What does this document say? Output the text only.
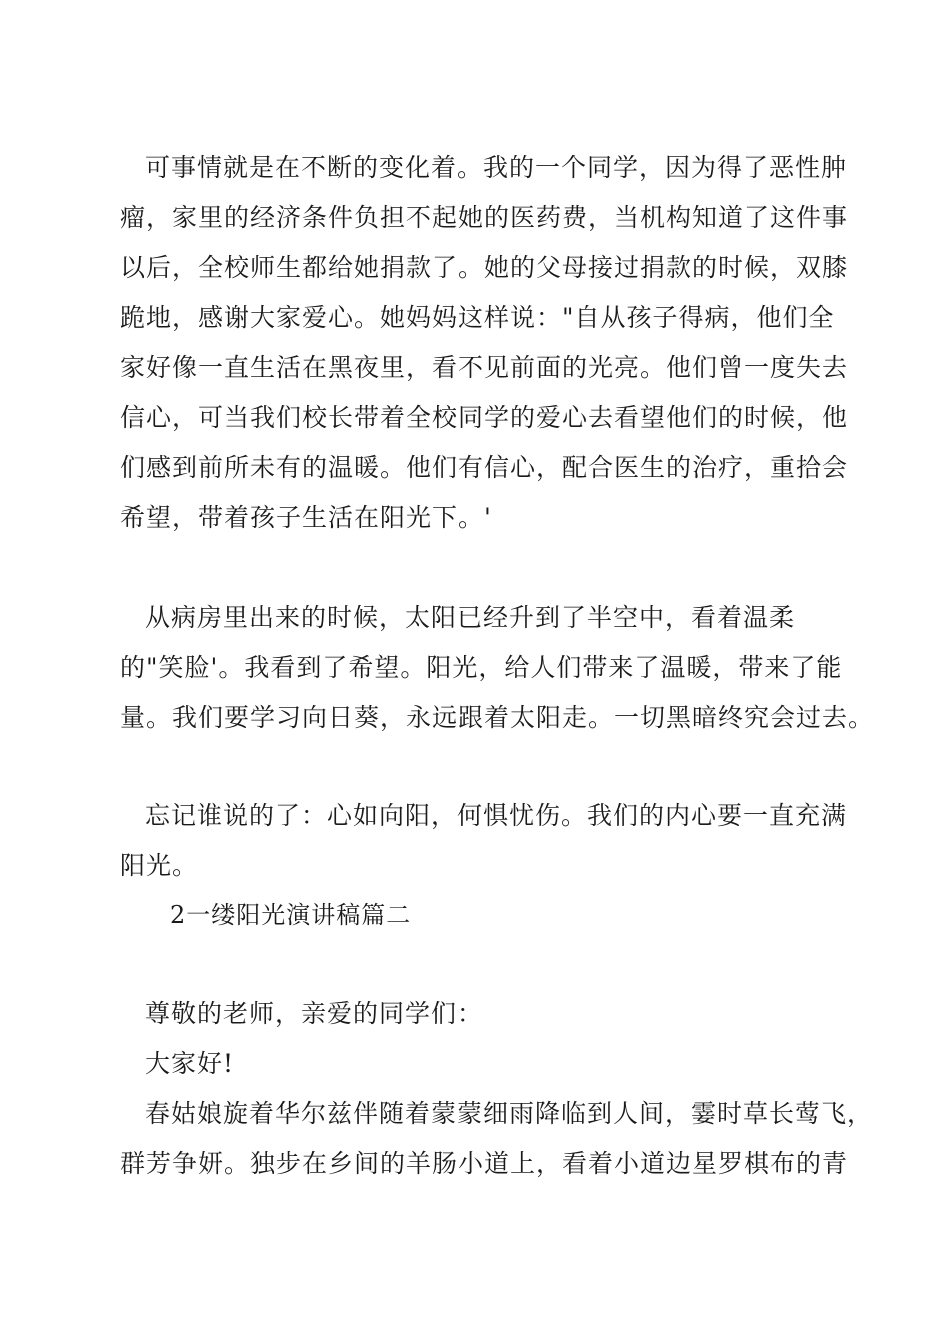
可事情就是在不断的变化着。我的一个同学，因为得了恶性肿
瘤，家里的经济条件负担不起她的医药费，当机构知道了这件事
以后，全校师生都给她捐款了。她的父母接过捐款的时候，双膝
跪地，感谢大家爱心。她妈妈这样说："自从孩子得病，他们全
家好像一直生活在黑夜里，看不见前面的光亮。他们曾一度失去
信心，可当我们校长带着全校同学的爱心去看望他们的时候，他
们感到前所未有的温暖。他们有信心，配合医生的治疗，重拾会
希望，带着孩子生活在阳光下。'
从病房里出来的时候，太阳已经升到了半空中，看着温柔
的"笑脸'。我看到了希望。阳光，给人们带来了温暖，带来了能
量。我们要学习向日葵，永远跟着太阳走。一切黑暗终究会过去。
忘记谁说的了：心如向阳，何惧忧伤。我们的内心要一直充满
阳光。
2一缕阳光演讲稿篇二
尊敬的老师，亲爱的同学们：
大家好!
春姑娘旋着华尔兹伴随着蒙蒙细雨降临到人间，霎时草长莺飞，
群芳争妍。独步在乡间的羊肠小道上，看着小道边星罗棋布的青
